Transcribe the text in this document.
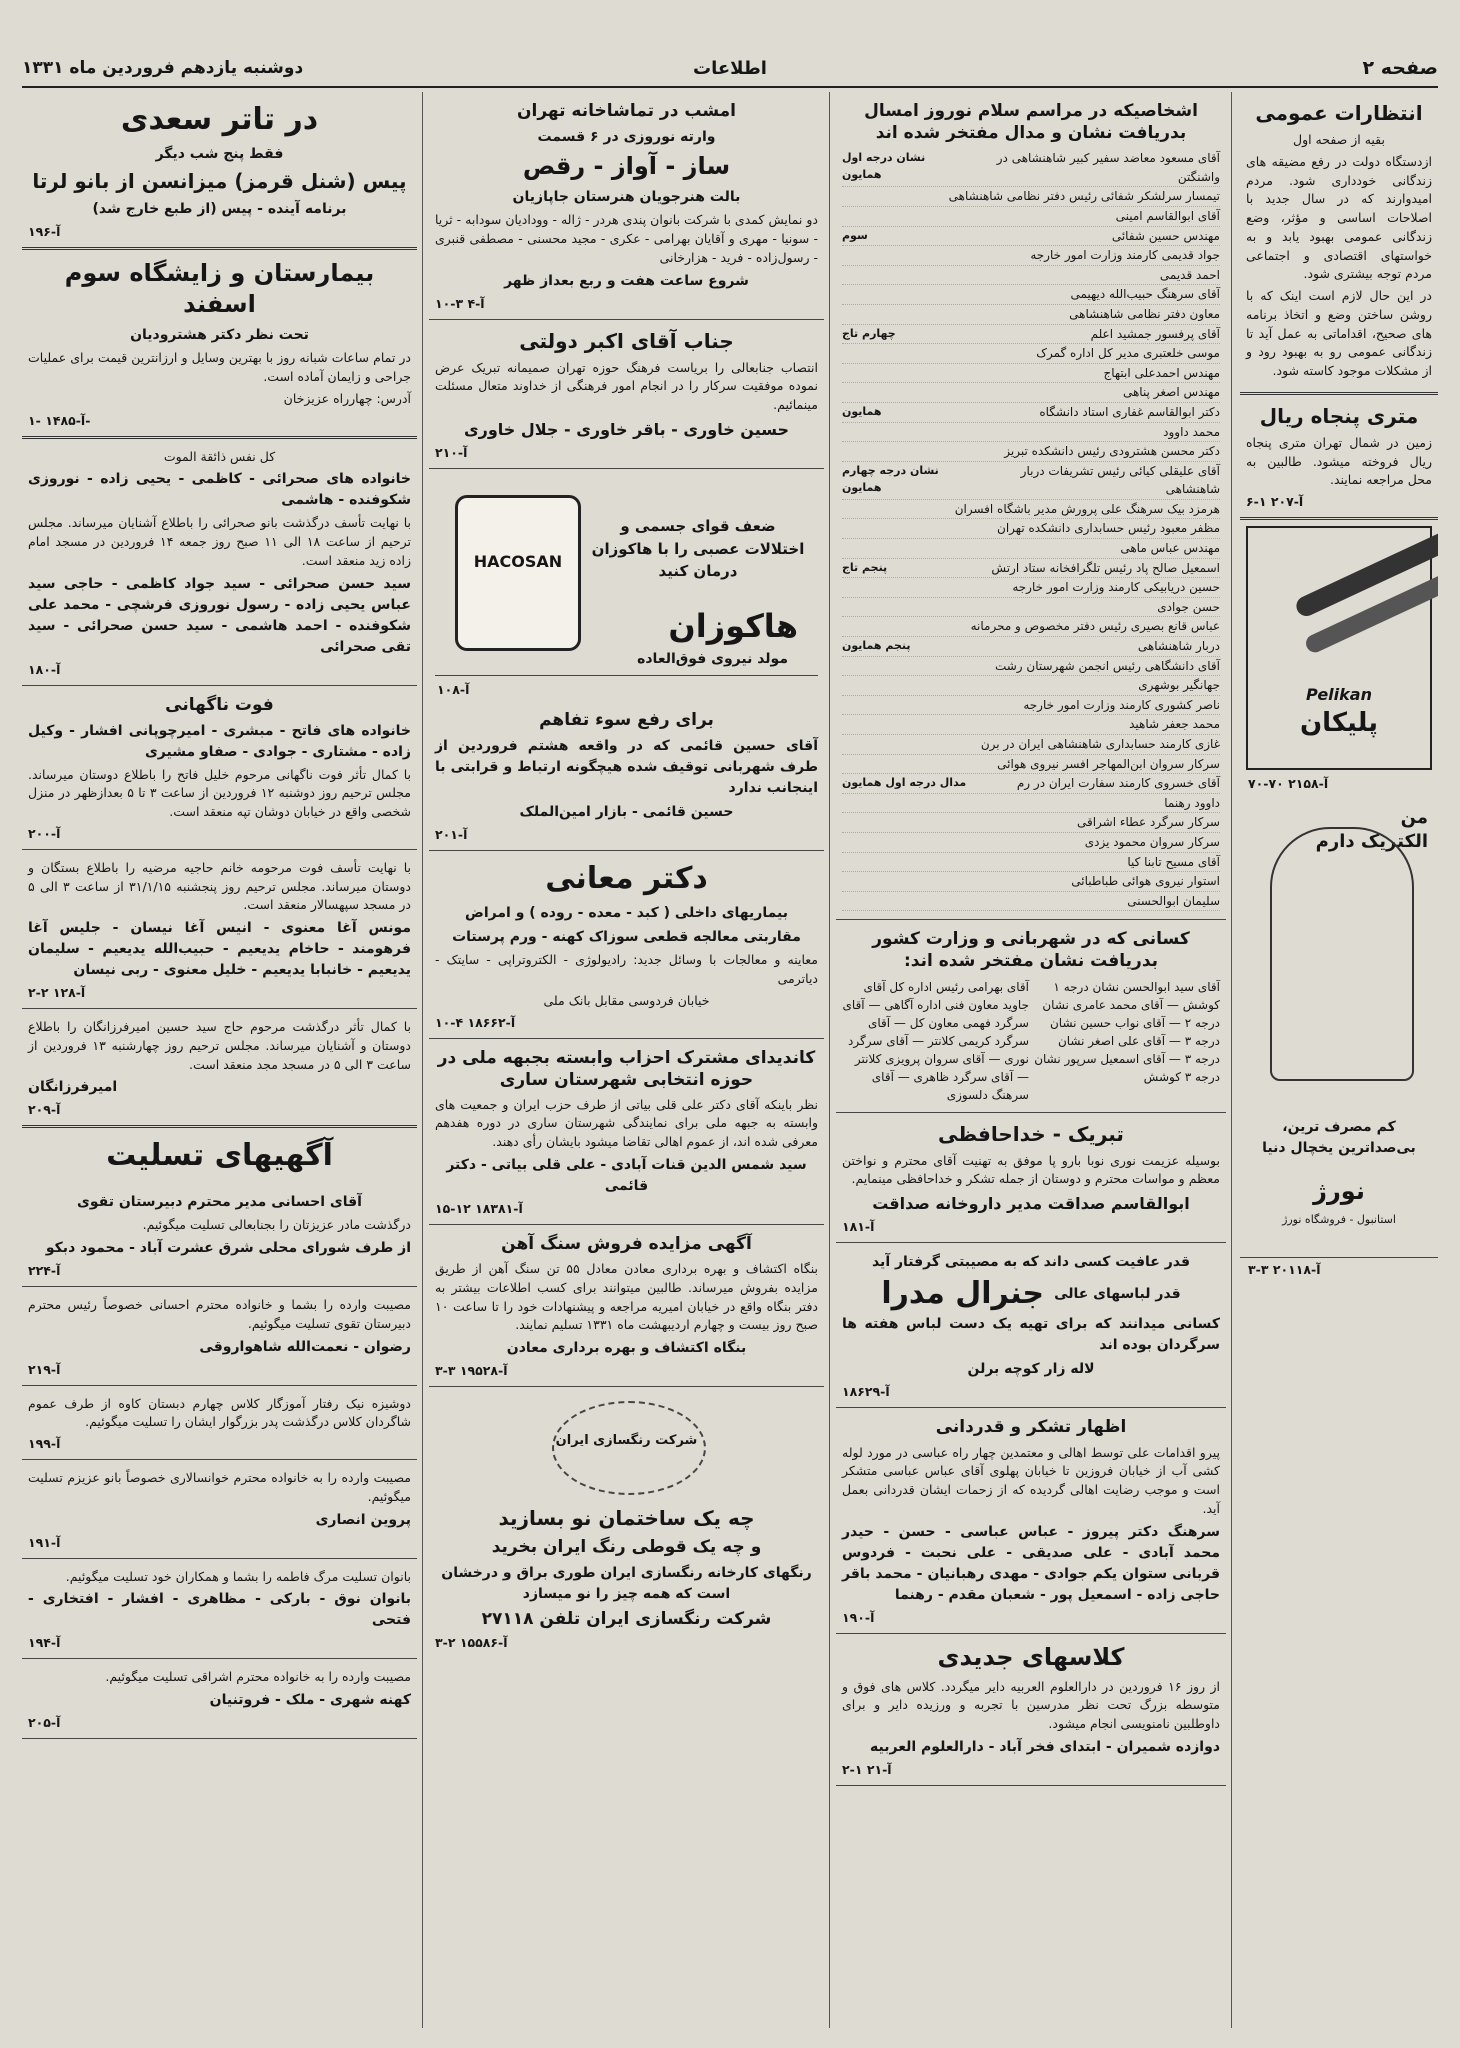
صفحه ۲
اطلاعات
دوشنبه یازدهم فروردین ماه ۱۳۳۱
انتظارات عمومی
بقیه از صفحه اول
ازدستگاه دولت در رفع مضیقه های زندگانی خودداری شود. مردم امیدوارند که در سال جدید با اصلاحات اساسی و مؤثر، وضع زندگانی عمومی بهبود یابد و به خواستهای اقتصادی و اجتماعی مردم توجه بیشتری شود.
در این حال لازم است اینک که با روشن ساختن وضع و اتخاذ برنامه های صحیح، اقداماتی به عمل آید تا زندگانی عمومی رو به بهبود رود و از مشکلات موجود کاسته شود.
متری پنجاه ریال
زمین در شمال تهران متری پنجاه ریال فروخته میشود. طالبین به محل مراجعه نمایند.
آ-۲۰۷ ۱-۶
Pelikan
پلیکان
آ-۲۱۵۸ ۷۰-۷۰
من
الکتریک دارم
کم مصرف ترین، بی‌صداترین یخچال دنیا
نورژ
استانبول - فروشگاه نورژ
آ-۲۰۱۱۸ ۳-۳
اشخاصیکه در مراسم سلام نوروز امسال بدریافت نشان و مدال مفتخر شده اند
آقای مسعود معاضد سفیر کبیر شاهنشاهی در واشنگتن
نشان درجه اول همایون
تیمسار سرلشکر شفائی رئیس دفتر نظامی شاهنشاهی
آقای ابوالقاسم امینی
مهندس حسین شفائی
سوم
جواد قدیمی کارمند وزارت امور خارجه
احمد قدیمی
آقای سرهنگ حبیب‌الله دیهیمی
معاون دفتر نظامی شاهنشاهی
آقای پرفسور جمشید اعلم
چهارم تاج
موسی خلعتبری مدیر کل اداره گمرک
مهندس احمدعلی ابتهاج
مهندس اصغر پناهی
دکتر ابوالقاسم غفاری استاد دانشگاه
همایون
محمد داوود
دکتر محسن هشترودی رئیس دانشکده تبریز
آقای علیقلی کیائی رئیس تشریفات دربار شاهنشاهی
نشان درجه چهارم همایون
هرمزد بیک سرهنگ علی پرورش مدیر باشگاه افسران
مظفر معبود رئیس حسابداری دانشکده تهران
مهندس عباس ماهی
اسمعیل صالح پاد رئیس تلگرافخانه ستاد ارتش
پنجم تاج
حسین دریابیکی کارمند وزارت امور خارجه
حسن جوادی
عباس قانع بصیری رئیس دفتر مخصوص و محرمانه
دربار شاهنشاهی
پنجم همایون
آقای دانشگاهی رئیس انجمن شهرستان رشت
جهانگیر بوشهری
ناصر کشوری کارمند وزارت امور خارجه
محمد جعفر شاهید
غازی کارمند حسابداری شاهنشاهی ایران در برن
سرکار سروان ابن‌المهاجر افسر نیروی هوائی
آقای خسروی کارمند سفارت ایران در رم
مدال درجه اول همایون
داوود رهنما
سرکار سرگرد عطاء اشراقی
سرکار سروان محمود یزدی
آقای مسیح تابنا کیا
استوار نیروی هوائی طباطبائی
سلیمان ابوالحسنی
کسانی که در شهربانی و وزارت کشور بدریافت نشان مفتخر شده اند:
آقای سید ابوالحسن نشان درجه ۱ کوشش — آقای محمد عامری نشان درجه ۲ — آقای نواب حسین نشان درجه ۳ — آقای علی اصغر نشان درجه ۳ — آقای اسمعیل سرپور نشان درجه ۳ کوشش
آقای بهرامی رئیس اداره کل آقای جاوید معاون فنی اداره آگاهی — آقای سرگرد فهمی معاون کل — آقای سرگرد کریمی کلانتر — آقای سرگرد نوری — آقای سروان پرویزی کلانتر — آقای سرگرد ظاهری — آقای سرهنگ دلسوزی
تبریک - خداحافظی
بوسیله عزیمت نوری نوبا بارو پا موفق به تهنیت آقای محترم و نواختن معظم و مواسات محترم و دوستان از جمله تشکر و خداحافظی مینمایم.
ابوالقاسم صداقت مدیر داروخانه صداقت
آ-۱۸۱
قدر عافیت کسی داند که به مصیبتی گرفتار آید
قدر لباسهای عالی
جنرال مدرا
کسانی میدانند که برای تهیه یک دست لباس هفته ها سرگردان بوده اند
لاله زار کوچه برلن
آ-۱۸۶۲۹
اظهار تشکر و قدردانی
پیرو اقدامات علی توسط اهالی و معتمدین چهار راه عباسی در مورد لوله کشی آب از خیابان فروزین تا خیابان پهلوی آقای عباس عباسی متشکر است و موجب رضایت اهالی گردیده که از زحمات ایشان قدردانی بعمل آید.
سرهنگ دکتر پیروز - عباس عباسی - حسن - حیدر محمد آبادی - علی صدیقی - علی نحبت - فردوس قربانی ستوان یکم جوادی - مهدی رهبانیان - محمد باقر حاجی زاده - اسمعیل پور - شعبان مقدم - رهنما
آ-۱۹۰
کلاسهای جدیدی
از روز ۱۶ فروردین در دارالعلوم العربیه دایر میگردد. کلاس های فوق و متوسطه بزرگ تحت نظر مدرسین با تجربه و ورزیده دایر و برای داوطلبین نامنویسی انجام میشود.
دوازده شمیران - ابتدای فخر آباد - دارالعلوم العربیه
آ-۲۱ ۱-۲
امشب در تماشاخانه تهران
وارته نوروزی در ۶ قسمت
ساز - آواز - رقص
بالت هنرجویان هنرستان جاپازیان
دو نمایش کمدی با شرکت بانوان پندی هردر - ژاله - وودادیان سودابه - ثریا - سونیا - مهری و آقایان بهرامی - عکری - مجید محسنی - مصطفی قنبری - رسول‌زاده - فرید - هزارخانی
شروع ساعت هفت و ربع بعداز ظهر
آ-۴ ۳-۱۰
جناب آقای اکبر دولتی
انتصاب جنابعالی را بریاست فرهنگ حوزه تهران صمیمانه تبریک عرض نموده موفقیت سرکار را در انجام امور فرهنگی از خداوند متعال مسئلت مینمائیم.
حسین خاوری - باقر خاوری - جلال خاوری
آ-۲۱۰
HACOSAN
ضعف قوای جسمی و اختلالات عصبی را با هاکوزان درمان کنید
هاکوزان
مولد نیروی فوق‌العاده
آ-۱۰۸
برای رفع سوء تفاهم
آقای حسین قائمی که در واقعه هشتم فروردین از طرف شهربانی توقیف شده هیچگونه ارتباط و قرابتی با اینجانب ندارد
حسین قائمی - بازار امین‌الملک
آ-۲۰۱
دکتر معانی
بیماریهای داخلی ( کبد - معده - روده ) و امراض
مقاربتی معالجه قطعی سوزاک کهنه - ورم پرستات
معاینه و معالجات با وسائل جدید: رادیولوژی - الکتروتراپی - سایتک - دیاترمی
خیابان فردوسی مقابل بانک ملی
آ-۱۸۶۶۲ ۴-۱۰
کاندیدای مشترک احزاب وابسته بجبهه ملی در حوزه انتخابی شهرستان ساری
نظر باینکه آقای دکتر علی قلی بیاتی از طرف حزب ایران و جمعیت های وابسته به جبهه ملی برای نمایندگی شهرستان ساری در دوره هفدهم معرفی شده اند، از عموم اهالی تقاضا میشود بایشان رأی دهند.
سید شمس الدین قنات آبادی - علی قلی بیاتی - دکتر قائمی
آ-۱۸۳۸۱ ۱۲-۱۵
آگهی مزایده فروش سنگ آهن
بنگاه اکتشاف و بهره برداری معادن معادل ۵۵ تن سنگ آهن از طریق مزایده بفروش میرساند. طالبین میتوانند برای کسب اطلاعات بیشتر به دفتر بنگاه واقع در خیابان امیریه مراجعه و پیشنهادات خود را تا ساعت ۱۰ صبح روز بیست و چهارم اردیبهشت ماه ۱۳۳۱ تسلیم نمایند.
بنگاه اکتشاف و بهره برداری معادن
آ-۱۹۵۲۸ ۳-۳
شرکت رنگسازی ایران
چه یک ساختمان نو بسازید
و چه یک قوطی رنگ ایران بخرید
رنگهای کارخانه رنگسازی ایران طوری براق و درخشان است که همه چیز را نو میسازد
شرکت رنگسازی ایران تلفن ۲۷۱۱۸
آ-۱۵۵۸۶ ۲-۳
در تاتر سعدی
فقط پنج شب دیگر
پیس (شنل قرمز) میزانسن از بانو لرتا
برنامه آینده - پیس (از طبع خارج شد)
آ-۱۹۶
بیمارستان و زایشگاه سوم اسفند
تحت نظر دکتر هشترودیان
در تمام ساعات شبانه روز با بهترین وسایل و ارزانترین قیمت برای عملیات جراحی و زایمان آماده است.
آدرس: چهارراه عزیزخان
آ-۱۴۸۵ -۱-
کل نفس ذائقة الموت
خانواده های صحرائی - کاظمی - یحیی زاده - نوروزی شکوفنده - هاشمی
با نهایت تأسف درگذشت بانو صحرائی را باطلاع آشنایان میرساند. مجلس ترحیم از ساعت ۱۸ الی ۱۱ صبح روز جمعه ۱۴ فروردین در مسجد امام زاده زید منعقد است.
سید حسن صحرائی - سید جواد کاظمی - حاجی سید عباس یحیی زاده - رسول نوروزی فرشچی - محمد علی شکوفنده - احمد هاشمی - سید حسن صحرائی - سید تقی صحرائی
آ-۱۸۰
فوت ناگهانی
خانواده های فاتح - مبشری - امیرچوپانی افشار - وکیل زاده - مشتاری - جوادی - صفاو مشیری
با کمال تأثر فوت ناگهانی مرحوم خلیل فاتح را باطلاع دوستان میرساند. مجلس ترحیم روز دوشنبه ۱۲ فروردین از ساعت ۳ تا ۵ بعدازظهر در منزل شخصی واقع در خیابان دوشان تپه منعقد است.
آ-۲۰۰
با نهایت تأسف فوت مرحومه خانم حاجیه مرضیه را باطلاع بستگان و دوستان میرساند. مجلس ترحیم روز پنجشنبه ۳۱/۱/۱۵ از ساعت ۳ الی ۵ در مسجد سپهسالار منعقد است.
مونس آغا معنوی - انیس آغا نیسان - جلیس آغا فرهومند - حاخام یدیعیم - حبیب‌الله یدیعیم - سلیمان یدیعیم - خانبابا یدیعیم - خلیل معنوی - ربی نیسان
آ-۱۲۸ ۲-۲
با کمال تأثر درگذشت مرحوم حاج سید حسین امیرفرزانگان را باطلاع دوستان و آشنایان میرساند. مجلس ترحیم روز چهارشنبه ۱۳ فروردین از ساعت ۳ الی ۵ در مسجد مجد منعقد است.
امیرفرزانگان
آ-۲۰۹
آگهیهای تسلیت
آقای احسانی مدیر محترم دبیرستان تقوی
درگذشت مادر عزیزتان را بجنابعالی تسلیت میگوئیم.
از طرف شورای محلی شرق عشرت آباد - محمود دبکو
آ-۲۲۴
مصیبت وارده را بشما و خانواده محترم احسانی خصوصاً رئیس محترم دبیرستان تقوی تسلیت میگوئیم.
رضوان - نعمت‌الله شاهواروقی
آ-۲۱۹
دوشیزه نیک رفتار آموزگار کلاس چهارم دبستان کاوه از طرف عموم شاگردان کلاس درگذشت پدر بزرگوار ایشان را تسلیت میگوئیم.
آ-۱۹۹
مصیبت وارده را به خانواده محترم خوانسالاری خصوصاً بانو عزیزم تسلیت میگوئیم.
پروین انصاری
آ-۱۹۱
بانوان تسلیت مرگ فاطمه را بشما و همکاران خود تسلیت میگوئیم.
بانوان نوق - بارکی - مظاهری - افشار - افتخاری - فتحی
آ-۱۹۴
مصیبت وارده را به خانواده محترم اشراقی تسلیت میگوئیم.
کهنه شهری - ملک - فروتنیان
آ-۲۰۵
